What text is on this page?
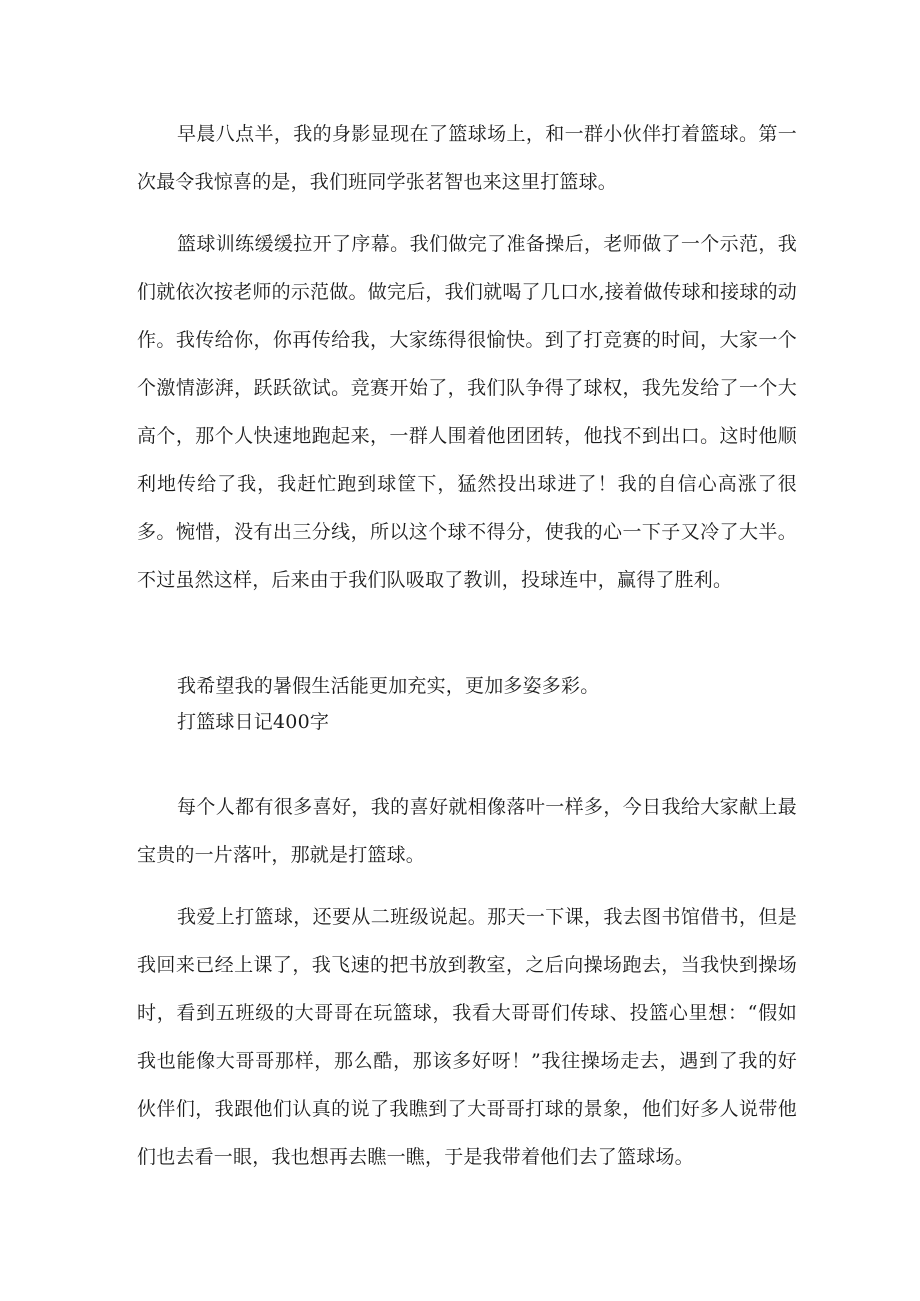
早晨八点半，我的身影显现在了篮球场上，和一群小伙伴打着篮球。第一次最令我惊喜的是，我们班同学张茗智也来这里打篮球。

篮球训练缓缓拉开了序幕。我们做完了准备操后，老师做了一个示范，我们就依次按老师的示范做。做完后，我们就喝了几口水,接着做传球和接球的动作。我传给你，你再传给我，大家练得很愉快。到了打竞赛的时间，大家一个个激情澎湃，跃跃欲试。竞赛开始了，我们队争得了球权，我先发给了一个大高个，那个人快速地跑起来，一群人围着他团团转，他找不到出口。这时他顺利地传给了我，我赶忙跑到球筐下，猛然投出球进了！我的自信心高涨了很多。惋惜，没有出三分线，所以这个球不得分，使我的心一下子又冷了大半。不过虽然这样，后来由于我们队吸取了教训，投球连中，赢得了胜利。

我希望我的暑假生活能更加充实，更加多姿多彩。

打篮球日记400字

每个人都有很多喜好，我的喜好就相像落叶一样多，今日我给大家献上最宝贵的一片落叶，那就是打篮球。

我爱上打篮球，还要从二班级说起。那天一下课，我去图书馆借书，但是我回来已经上课了，我飞速的把书放到教室，之后向操场跑去，当我快到操场时，看到五班级的大哥哥在玩篮球，我看大哥哥们传球、投篮心里想：“假如我也能像大哥哥那样，那么酷，那该多好呀！”我往操场走去，遇到了我的好伙伴们，我跟他们认真的说了我瞧到了大哥哥打球的景象，他们好多人说带他们也去看一眼，我也想再去瞧一瞧，于是我带着他们去了篮球场。
